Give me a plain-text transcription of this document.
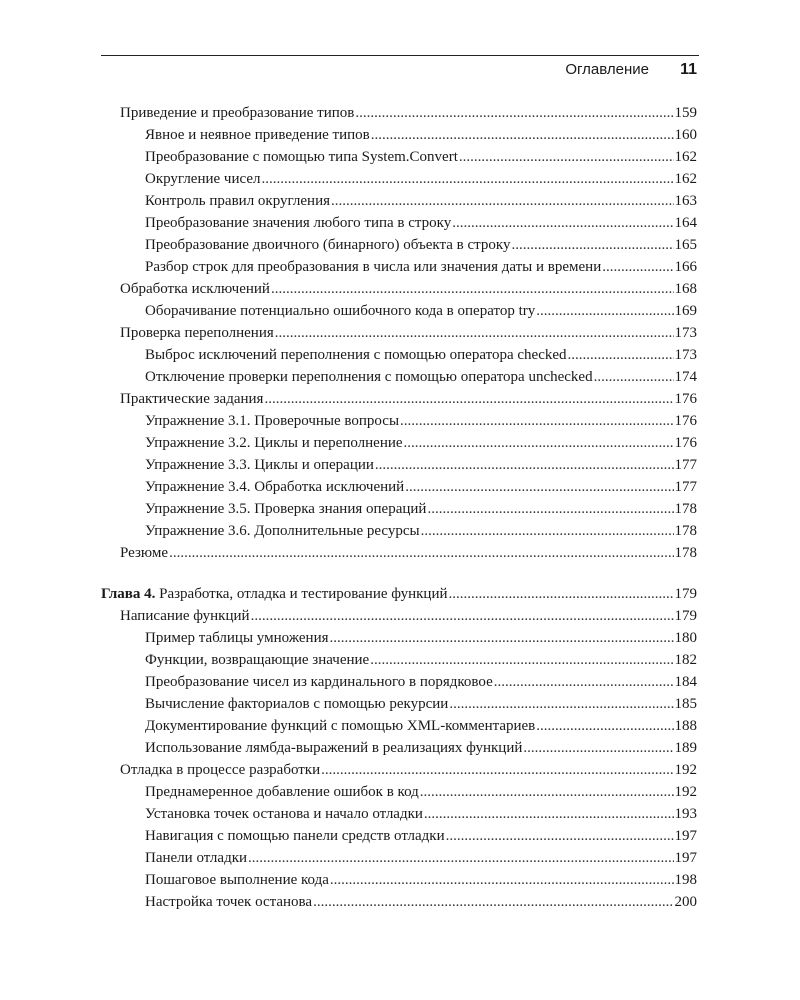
Оглавление 11
Приведение и преобразование типов .....	159
Явное и неявное приведение типов .....	160
Преобразование с помощью типа System.Convert .....	162
Округление чисел .....	162
Контроль правил округления .....	163
Преобразование значения любого типа в строку .....	164
Преобразование двоичного (бинарного) объекта в строку .....	165
Разбор строк для преобразования в числа или значения даты и времени .....	166
Обработка исключений .....	168
Оборачивание потенциально ошибочного кода в оператор try .....	169
Проверка переполнения .....	173
Выброс исключений переполнения с помощью оператора checked .....	173
Отключение проверки переполнения с помощью оператора unchecked .....	174
Практические задания .....	176
Упражнение 3.1. Проверочные вопросы .....	176
Упражнение 3.2. Циклы и переполнение .....	176
Упражнение 3.3. Циклы и операции .....	177
Упражнение 3.4. Обработка исключений .....	177
Упражнение 3.5. Проверка знания операций .....	178
Упражнение 3.6. Дополнительные ресурсы .....	178
Резюме .....	178
Глава 4. Разработка, отладка и тестирование функций .....	179
Написание функций .....	179
Пример таблицы умножения .....	180
Функции, возвращающие значение .....	182
Преобразование чисел из кардинального в порядковое .....	184
Вычисление факториалов с помощью рекурсии .....	185
Документирование функций с помощью XML-комментариев .....	188
Использование лямбда-выражений в реализациях функций .....	189
Отладка в процессе разработки .....	192
Преднамеренное добавление ошибок в код .....	192
Установка точек останова и начало отладки .....	193
Навигация с помощью панели средств отладки .....	197
Панели отладки .....	197
Пошаговое выполнение кода .....	198
Настройка точек останова .....	200
